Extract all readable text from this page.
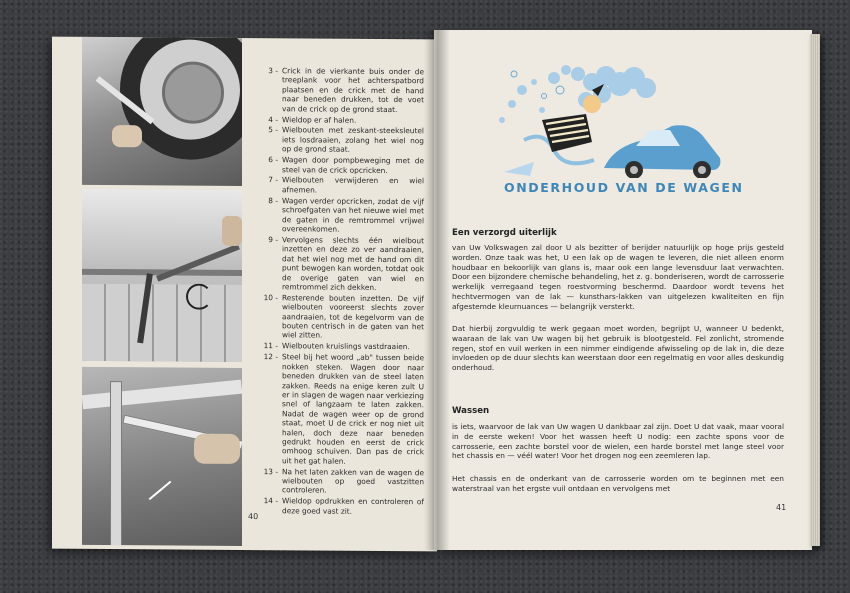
3 - Crick in de vierkante buis onder de treeplank voor het achterspatbord plaatsen en de crick met de hand naar beneden drukken, tot de voet van de crick op de grond staat.
4 - Wieldop er af halen.
5 - Wielbouten met zeskant-steeksleutel iets losdraaien, zolang het wiel nog op de grond staat.
6 - Wagen door pompbeweging met de steel van de crick opcricken.
7 - Wielbouten verwijderen en wiel afnemen.
8 - Wagen verder opcricken, zodat de vijf schroefgaten van het nieuwe wiel met de gaten in de remtrommel vrijwel overeenkomen.
9 - Vervolgens slechts één wielbout inzetten en deze zo ver aandraaien, dat het wiel nog met de hand om dit punt bewogen kan worden, totdat ook de overige gaten van wiel en remtrommel zich dekken.
10 - Resterende bouten inzetten. De vijf wielbouten vooreerst slechts zover aandraaien, tot de kegelvorm van de bouten centrisch in de gaten van het wiel zitten.
11 - Wielbouten kruislings vastdraaien.
12 - Steel bij het woord „ab" tussen beide nokken steken. Wagen door naar beneden drukken van de steel laten zakken. Reeds na enige keren zult U er in slagen de wagen naar verkiezing snel of langzaam te laten zakken. Nadat de wagen weer op de grond staat, moet U de crick er nog niet uit halen, doch deze naar beneden gedrukt houden en eerst de crick omhoog schuiven. Dan pas de crick uit het gat halen.
13 - Na het laten zakken van de wagen de wielbouten op goed vastzitten controleren.
14 - Wieldop opdrukken en controleren of deze goed vast zit.
40
ONDERHOUD VAN DE WAGEN
Een verzorgd uiterlijk
van Uw Volkswagen zal door U als bezitter of berijder natuurlijk op hoge prijs gesteld worden. Onze taak was het, U een lak op de wagen te leveren, die niet alleen enorm houdbaar en bekoorlijk van glans is, maar ook een lange levensduur laat verwachten. Door een bijzondere chemische behandeling, het z. g. bonderiseren, wordt de carrosserie werkelijk verregaand tegen roestvorming beschermd. Daardoor wordt tevens het hechtvermogen van de lak — kunsthars-lakken van uitgelezen kwaliteiten en fijn afgestemde kleurnuances — belangrijk versterkt.
Dat hierbij zorgvuldig te werk gegaan moet worden, begrijpt U, wanneer U bedenkt, waaraan de lak van Uw wagen bij het gebruik is blootgesteld. Fel zonlicht, stromende regen, stof en vuil werken in een nimmer eindigende afwisseling op de lak in, die deze invloeden op de duur slechts kan weerstaan door een regelmatig en voor alles deskundig onderhoud.
Wassen
is iets, waarvoor de lak van Uw wagen U dankbaar zal zijn. Doet U dat vaak, maar vooral in de eerste weken! Voor het wassen heeft U nodig: een zachte spons voor de carrosserie, een zachte borstel voor de wielen, een harde borstel met lange steel voor het chassis en — véél water! Voor het drogen nog een zeemleren lap.
Het chassis en de onderkant van de carrosserie worden om te beginnen met een waterstraal van het ergste vuil ontdaan en vervolgens met
41
